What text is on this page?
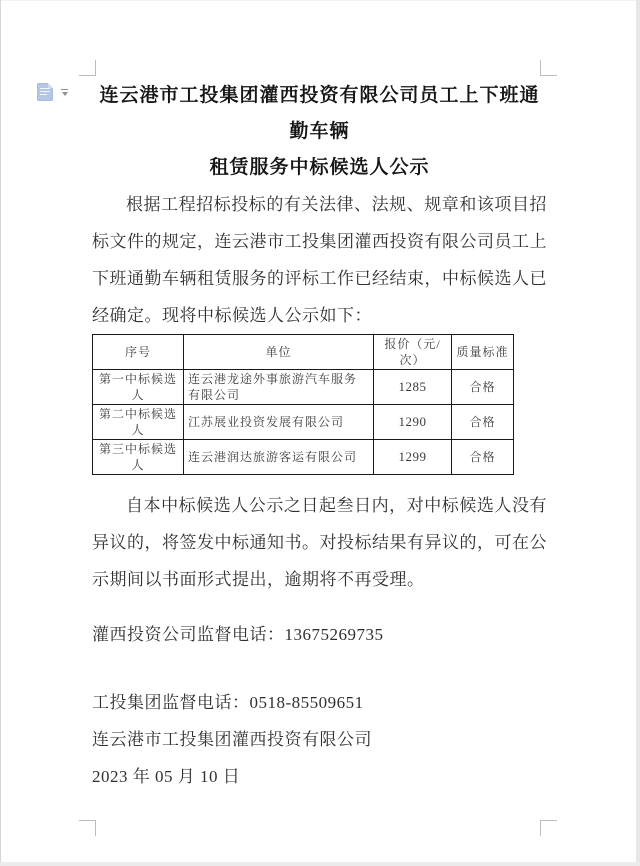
连云港市工投集团灌西投资有限公司员工上下班通勤车辆
租赁服务中标候选人公示

根据工程招标投标的有关法律、法规、规章和该项目招标文件的规定，连云港市工投集团灌西投资有限公司员工上下班通勤车辆租赁服务的评标工作已经结束，中标候选人已经确定。现将中标候选人公示如下：

序号	单位	报价（元/次）	质量标准
第一中标候选人	连云港龙途外事旅游汽车服务有限公司	1285	合格
第二中标候选人	江苏展业投资发展有限公司	1290	合格
第三中标候选人	连云港润达旅游客运有限公司	1299	合格

自本中标候选人公示之日起叁日内，对中标候选人没有异议的，将签发中标通知书。对投标结果有异议的，可在公示期间以书面形式提出，逾期将不再受理。

灌西投资公司监督电话：13675269735

工投集团监督电话：0518-85509651

连云港市工投集团灌西投资有限公司

2023 年 05 月 10 日
